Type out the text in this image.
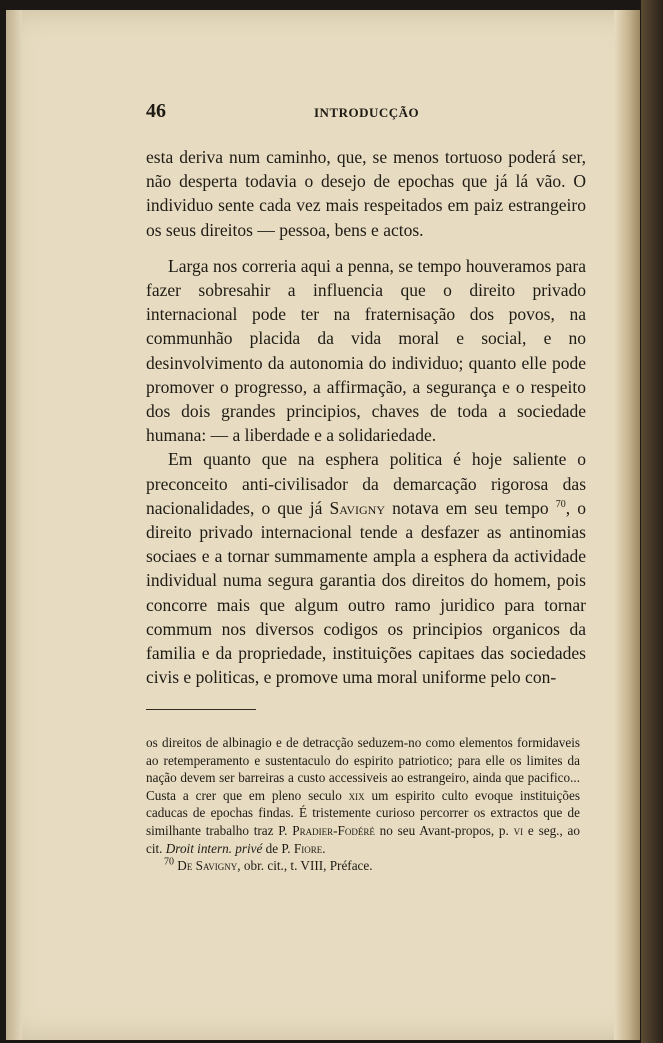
46	INTRODUCÇÃO

esta deriva num caminho, que, se menos tortuoso poderá ser, não desperta todavia o desejo de epochas que já lá vão. O individuo sente cada vez mais respeitados em paiz estrangeiro os seus direitos — pessoa, bens e actos.

Larga nos correria aqui a penna, se tempo houveramos para fazer sobresahir a influencia que o direito privado internacional pode ter na fraternisação dos povos, na communhão placida da vida moral e social, e no desinvolvimento da autonomia do individuo; quanto elle pode promover o progresso, a affirmação, a segurança e o respeito dos dois grandes principios, chaves de toda a sociedade humana: — a liberdade e a solidariedade.

Em quanto que na esphera politica é hoje saliente o preconceito anti-civilisador da demarcação rigorosa das nacionalidades, o que já Savigny notava em seu tempo $^{70}$, o direito privado internacional tende a desfazer as antinomias sociaes e a tornar summamente ampla a esphera da actividade individual numa segura garantia dos direitos do homem, pois concorre mais que algum outro ramo juridico para tornar commum nos diversos codigos os principios organicos da familia e da propriedade, instituições capitaes das sociedades civis e politicas, e promove uma moral uniforme pelo con-

os direitos de albinagio e de detracção seduzem-no como elementos formidaveis ao retemperamento e sustentaculo do espirito patriotico; para elle os limites da nação devem ser barreiras a custo accessiveis ao estrangeiro, ainda que pacifico... Custa a crer que em pleno seculo xix um espirito culto evoque instituições caducas de epochas findas. É tristemente curioso percorrer os extractos que de similhante trabalho traz P. Pradier-Fodéré no seu Avant-propos, p. vi e seg., ao cit. Droit intern. privé de P. Fiore.

$^{70}$ De Savigny, obr. cit., t. VIII, Préface.
